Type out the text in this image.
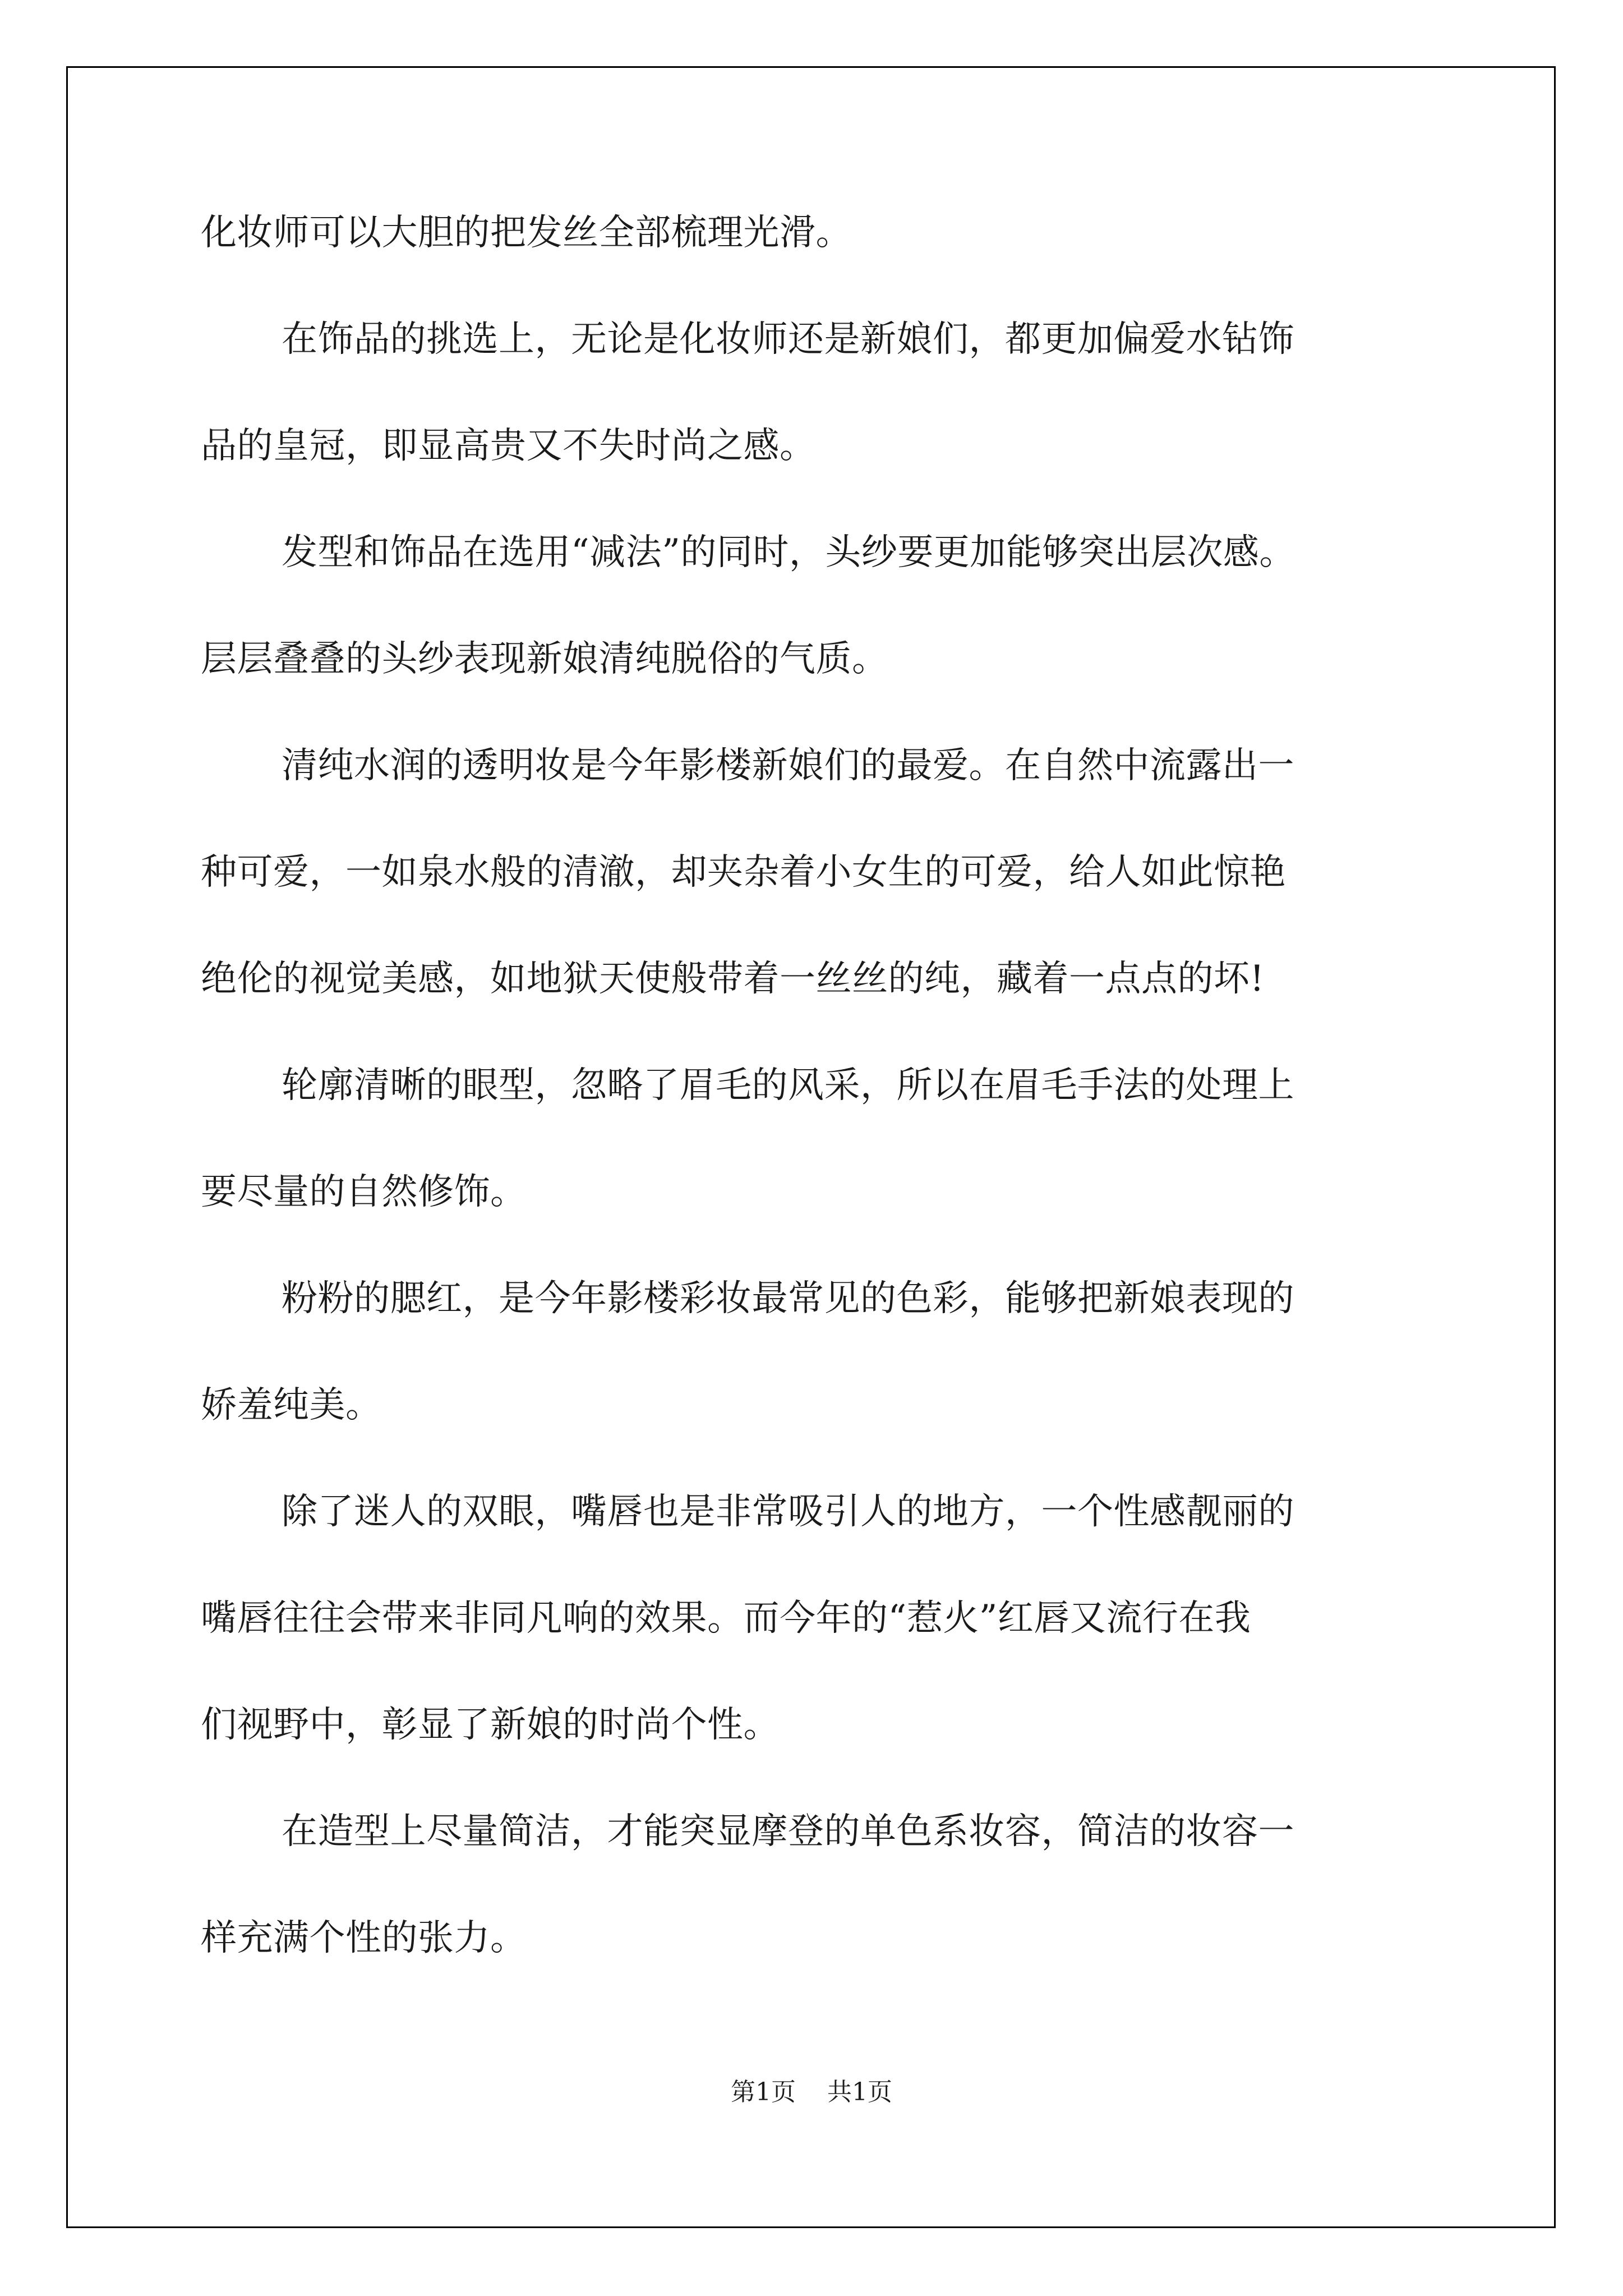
化妆师可以大胆的把发丝全部梳理光滑。
在饰品的挑选上，无论是化妆师还是新娘们，都更加偏爱水钻饰
品的皇冠，即显高贵又不失时尚之感。
发型和饰品在选用“减法”的同时，头纱要更加能够突出层次感。
层层叠叠的头纱表现新娘清纯脱俗的气质。
清纯水润的透明妆是今年影楼新娘们的最爱。在自然中流露出一
种可爱，一如泉水般的清澈，却夹杂着小女生的可爱，给人如此惊艳
绝伦的视觉美感，如地狱天使般带着一丝丝的纯，藏着一点点的坏!
轮廓清晰的眼型，忽略了眉毛的风采，所以在眉毛手法的处理上
要尽量的自然修饰。
粉粉的腮红，是今年影楼彩妆最常见的色彩，能够把新娘表现的
娇羞纯美。
除了迷人的双眼，嘴唇也是非常吸引人的地方，一个性感靓丽的
嘴唇往往会带来非同凡响的效果。而今年的“惹火”红唇又流行在我
们视野中，彰显了新娘的时尚个性。
在造型上尽量简洁，才能突显摩登的单色系妆容，简洁的妆容一
样充满个性的张力。
第1页    共1页
